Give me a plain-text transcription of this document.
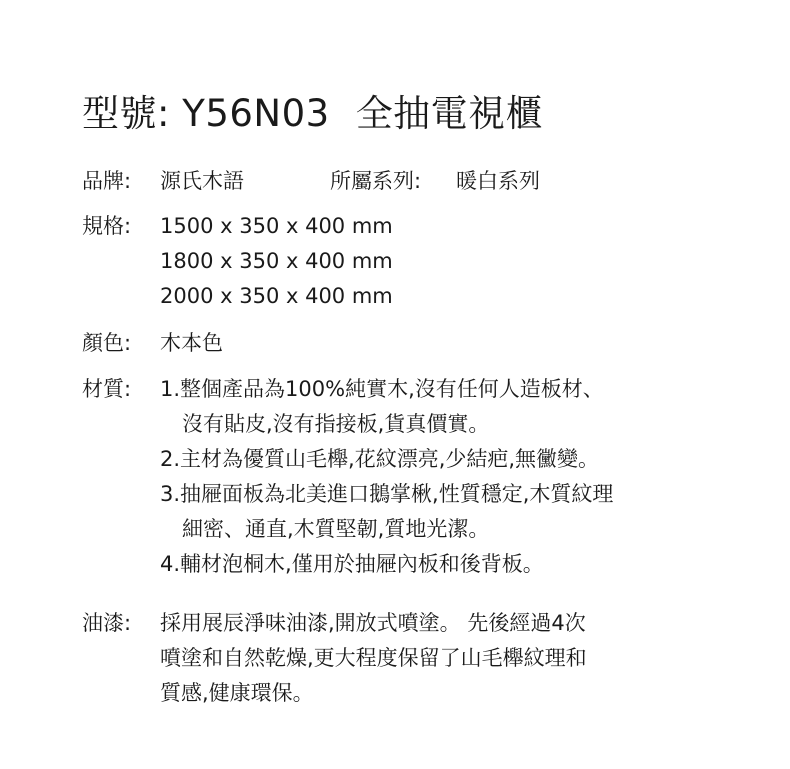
型號: Y56N03 全抽電視櫃
品牌: 源氏木語	所屬系列: 暖白系列
規格: 1500 x 350 x 400 mm
1800 x 350 x 400 mm
2000 x 350 x 400 mm
顏色: 木本色
材質: 1.整個產品為100%純實木,沒有任何人造板材、
沒有貼皮,沒有指接板,貨真價實。
2.主材為優質山毛櫸,花紋漂亮,少結疤,無黴變。
3.抽屜面板為北美進口鵝掌楸,性質穩定,木質紋理
細密、通直,木質堅韌,質地光潔。
4.輔材泡桐木,僅用於抽屜內板和後背板。
油漆: 採用展辰淨味油漆,開放式噴塗。 先後經過4次
噴塗和自然乾燥,更大程度保留了山毛櫸紋理和
質感,健康環保。
